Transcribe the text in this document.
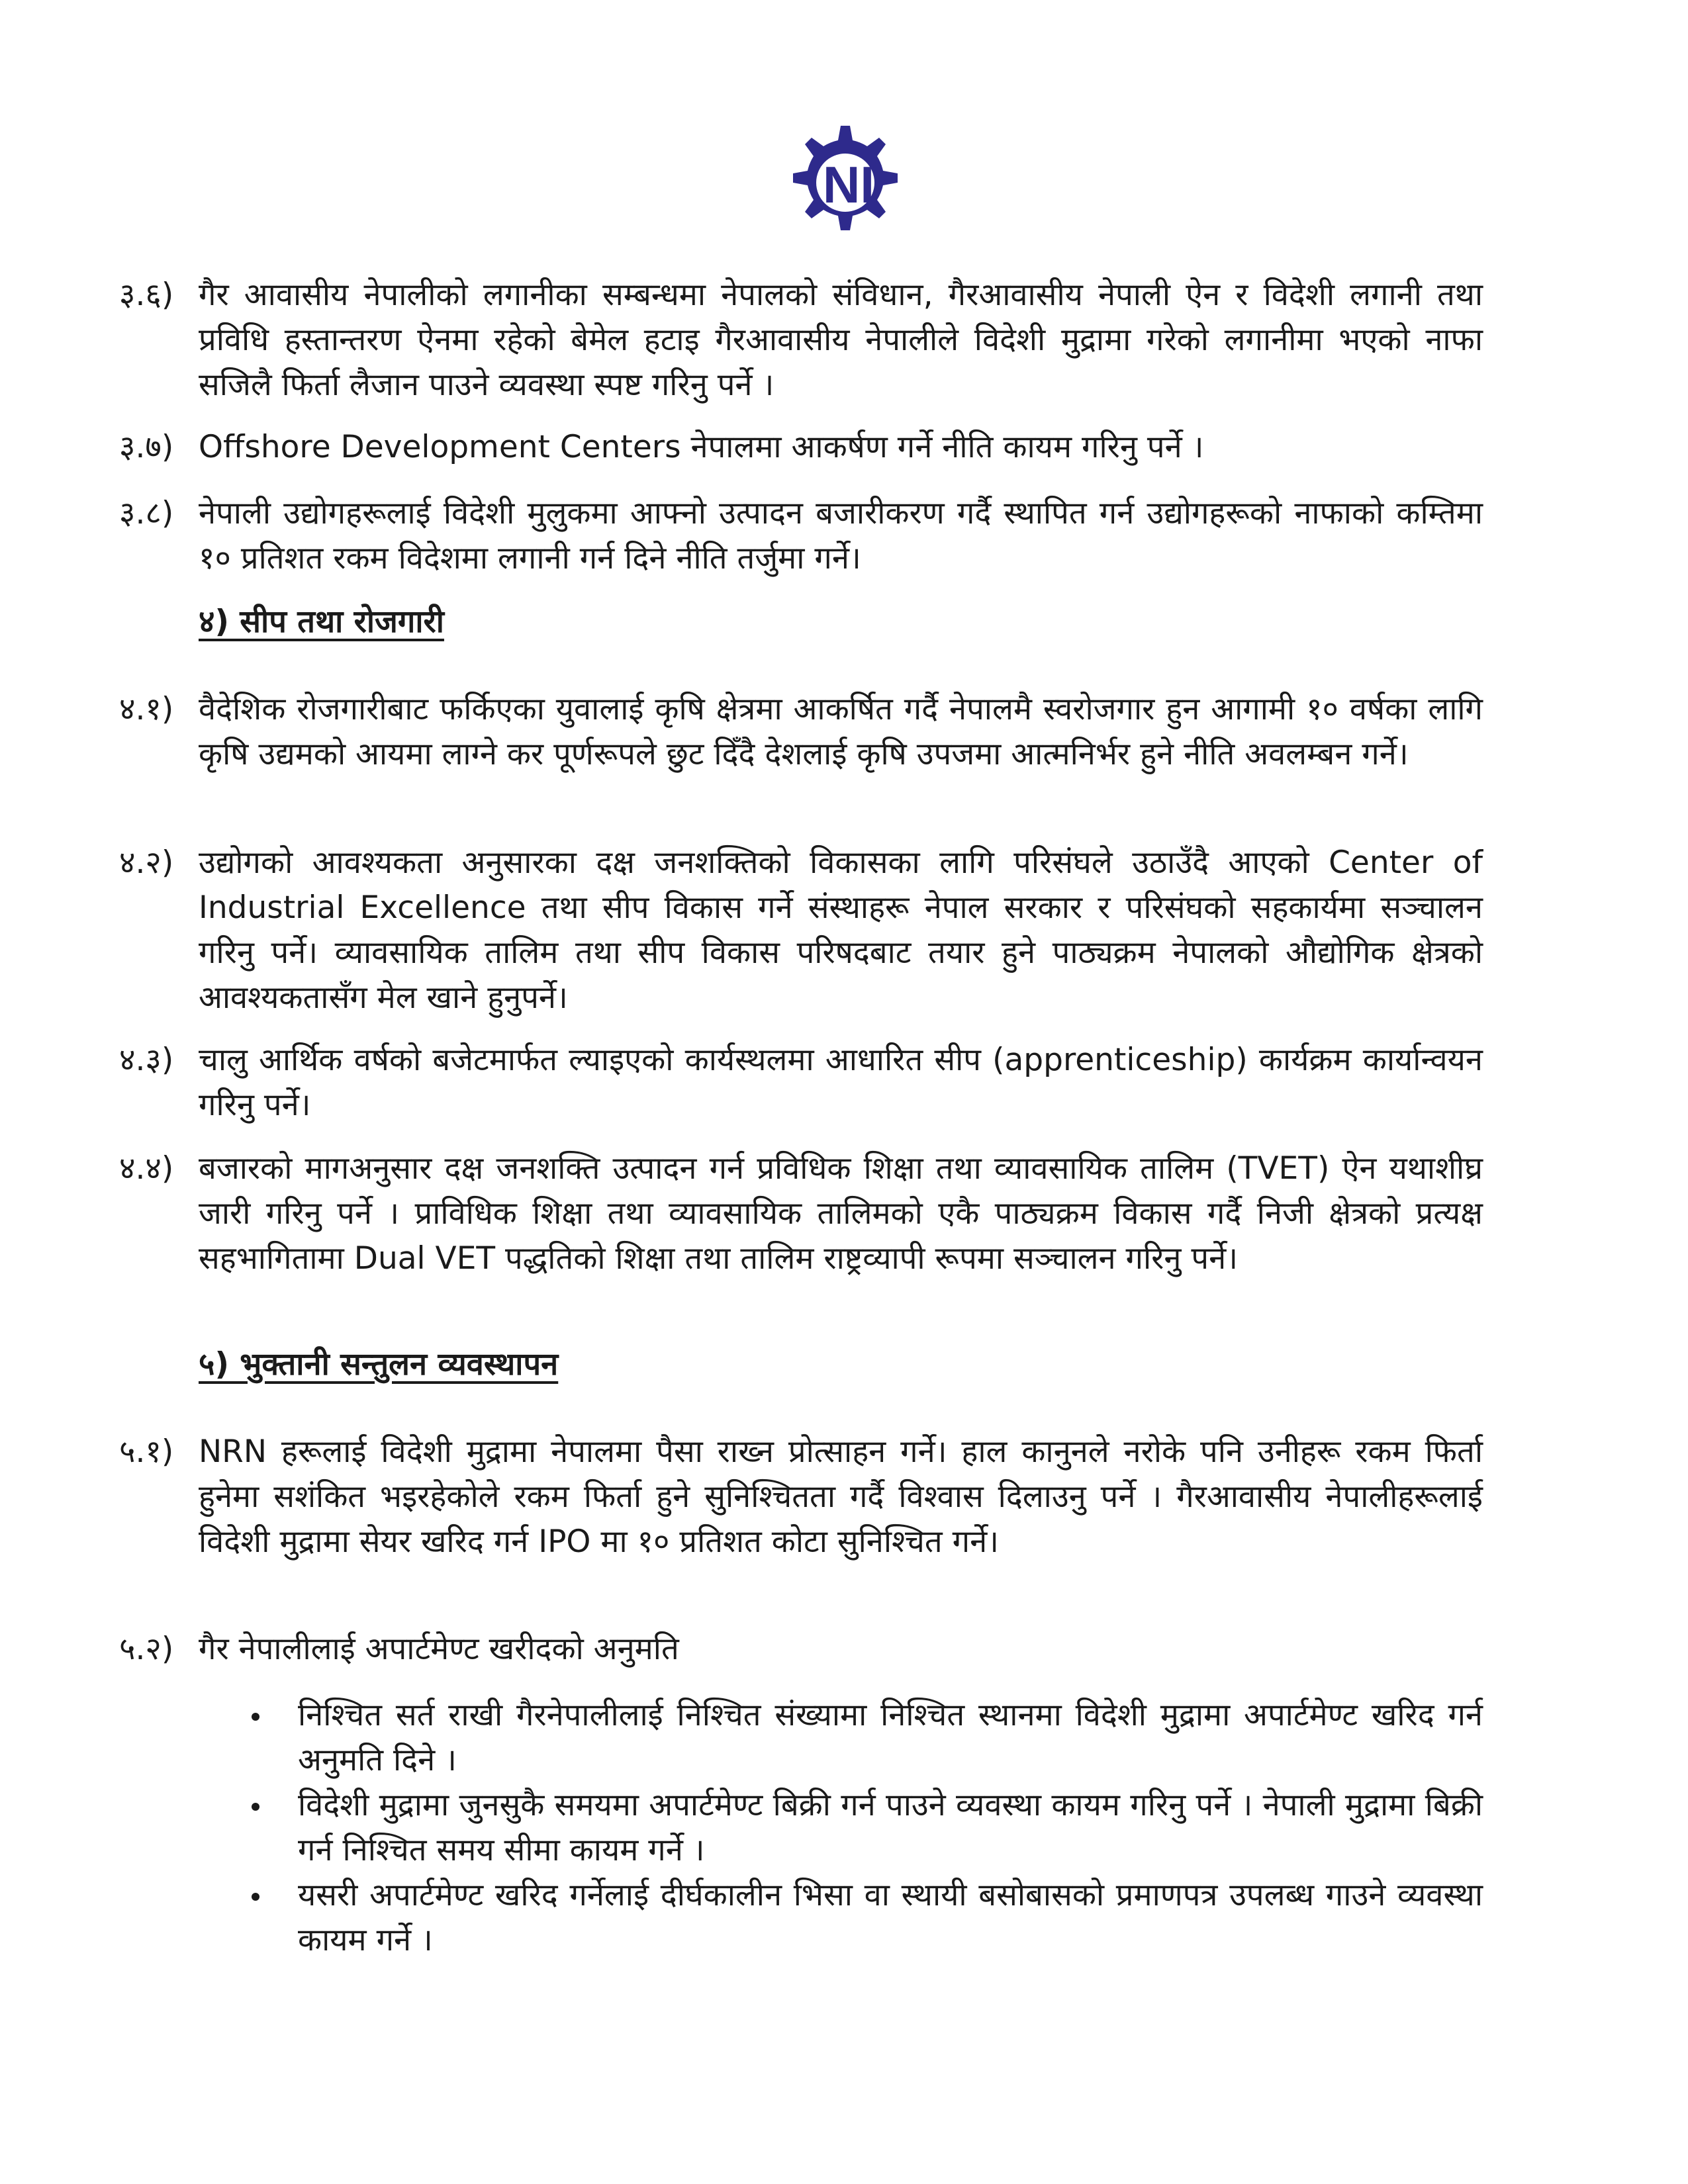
NI
३.६) गैर आवासीय नेपालीको लगानीका सम्बन्धमा नेपालको संविधान, गैरआवासीय नेपाली ऐन र विदेशी लगानी तथा प्रविधि हस्तान्तरण ऐनमा रहेको बेमेल हटाइ गैरआवासीय नेपालीले विदेशी मुद्रामा गरेको लगानीमा भएको नाफा सजिलै फिर्ता लैजान पाउने व्यवस्था स्पष्ट गरिनु पर्ने ।
३.७) Offshore Development Centers नेपालमा आकर्षण गर्ने नीति कायम गरिनु पर्ने ।
३.८) नेपाली उद्योगहरूलाई विदेशी मुलुकमा आफ्नो उत्पादन बजारीकरण गर्दै स्थापित गर्न उद्योगहरूको नाफाको कम्तिमा १० प्रतिशत रकम विदेशमा लगानी गर्न दिने नीति तर्जुमा गर्ने।
४) सीप तथा रोजगारी
४.१) वैदेशिक रोजगारीबाट फर्किएका युवालाई कृषि क्षेत्रमा आकर्षित गर्दै नेपालमै स्वरोजगार हुन आगामी १० वर्षका लागि कृषि उद्यमको आयमा लाग्ने कर पूर्णरूपले छुट दिँदै देशलाई कृषि उपजमा आत्मनिर्भर हुने नीति अवलम्बन गर्ने।
४.२) उद्योगको आवश्यकता अनुसारका दक्ष जनशक्तिको विकासका लागि परिसंघले उठाउँदै आएको Center of Industrial Excellence तथा सीप विकास गर्ने संस्थाहरू नेपाल सरकार र परिसंघको सहकार्यमा सञ्चालन गरिनु पर्ने। व्यावसायिक तालिम तथा सीप विकास परिषदबाट तयार हुने पाठ्यक्रम नेपालको औद्योगिक क्षेत्रको आवश्यकतासँग मेल खाने हुनुपर्ने।
४.३) चालु आर्थिक वर्षको बजेटमार्फत ल्याइएको कार्यस्थलमा आधारित सीप (apprenticeship) कार्यक्रम कार्यान्वयन गरिनु पर्ने।
४.४) बजारको मागअनुसार दक्ष जनशक्ति उत्पादन गर्न प्रविधिक शिक्षा तथा व्यावसायिक तालिम (TVET) ऐन यथाशीघ्र जारी गरिनु पर्ने । प्राविधिक शिक्षा तथा व्यावसायिक तालिमको एकै पाठ्यक्रम विकास गर्दै निजी क्षेत्रको प्रत्यक्ष सहभागितामा Dual VET पद्धतिको शिक्षा तथा तालिम राष्ट्रव्यापी रूपमा सञ्चालन गरिनु पर्ने।
५) भुक्तानी सन्तुलन व्यवस्थापन
५.१) NRN हरूलाई विदेशी मुद्रामा नेपालमा पैसा राख्न प्रोत्साहन गर्ने। हाल कानुनले नरोके पनि उनीहरू रकम फिर्ता हुनेमा सशंकित भइरहेकोले रकम फिर्ता हुने सुनिश्चितता गर्दै विश्वास दिलाउनु पर्ने । गैरआवासीय नेपालीहरूलाई विदेशी मुद्रामा सेयर खरिद गर्न IPO मा १० प्रतिशत कोटा सुनिश्चित गर्ने।
५.२) गैर नेपालीलाई अपार्टमेण्ट खरीदको अनुमति
निश्चित सर्त राखी गैरनेपालीलाई निश्चित संख्यामा निश्चित स्थानमा विदेशी मुद्रामा अपार्टमेण्ट खरिद गर्न अनुमति दिने ।
विदेशी मुद्रामा जुनसुकै समयमा अपार्टमेण्ट बिक्री गर्न पाउने व्यवस्था कायम गरिनु पर्ने । नेपाली मुद्रामा बिक्री गर्न निश्चित समय सीमा कायम गर्ने ।
यसरी अपार्टमेण्ट खरिद गर्नेलाई दीर्घकालीन भिसा वा स्थायी बसोबासको प्रमाणपत्र उपलब्ध गाउने व्यवस्था कायम गर्ने ।
